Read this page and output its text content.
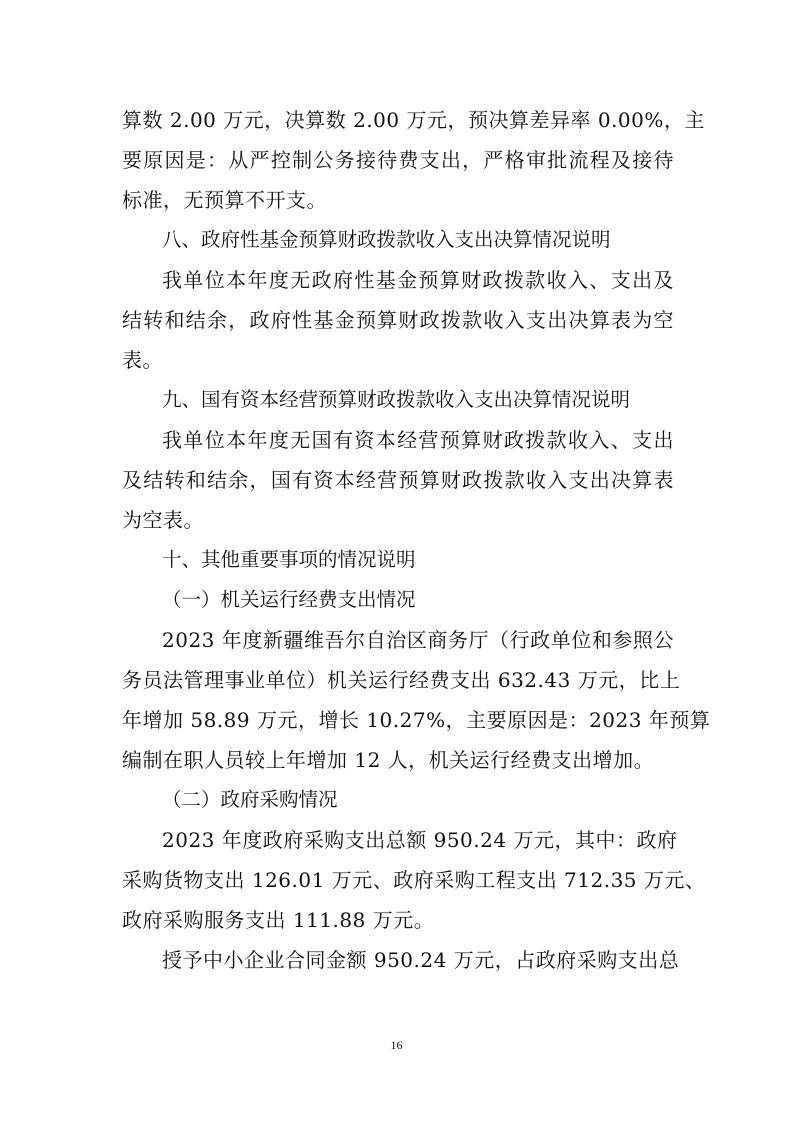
算数 2.00 万元，决算数 2.00 万元，预决算差异率 0.00%，主

要原因是：从严控制公务接待费支出，严格审批流程及接待

标准，无预算不开支。

八、政府性基金预算财政拨款收入支出决算情况说明

我单位本年度无政府性基金预算财政拨款收入、支出及

结转和结余，政府性基金预算财政拨款收入支出决算表为空

表。

九、国有资本经营预算财政拨款收入支出决算情况说明

我单位本年度无国有资本经营预算财政拨款收入、支出

及结转和结余，国有资本经营预算财政拨款收入支出决算表

为空表。

十、其他重要事项的情况说明

（一）机关运行经费支出情况

2023 年度新疆维吾尔自治区商务厅（行政单位和参照公

务员法管理事业单位）机关运行经费支出 632.43 万元，比上

年增加 58.89 万元，增长 10.27%，主要原因是：2023 年预算

编制在职人员较上年增加 12 人，机关运行经费支出增加。

（二）政府采购情况

2023 年度政府采购支出总额 950.24 万元，其中：政府

采购货物支出 126.01 万元、政府采购工程支出 712.35 万元、

政府采购服务支出 111.88 万元。

授予中小企业合同金额 950.24 万元，占政府采购支出总

16
